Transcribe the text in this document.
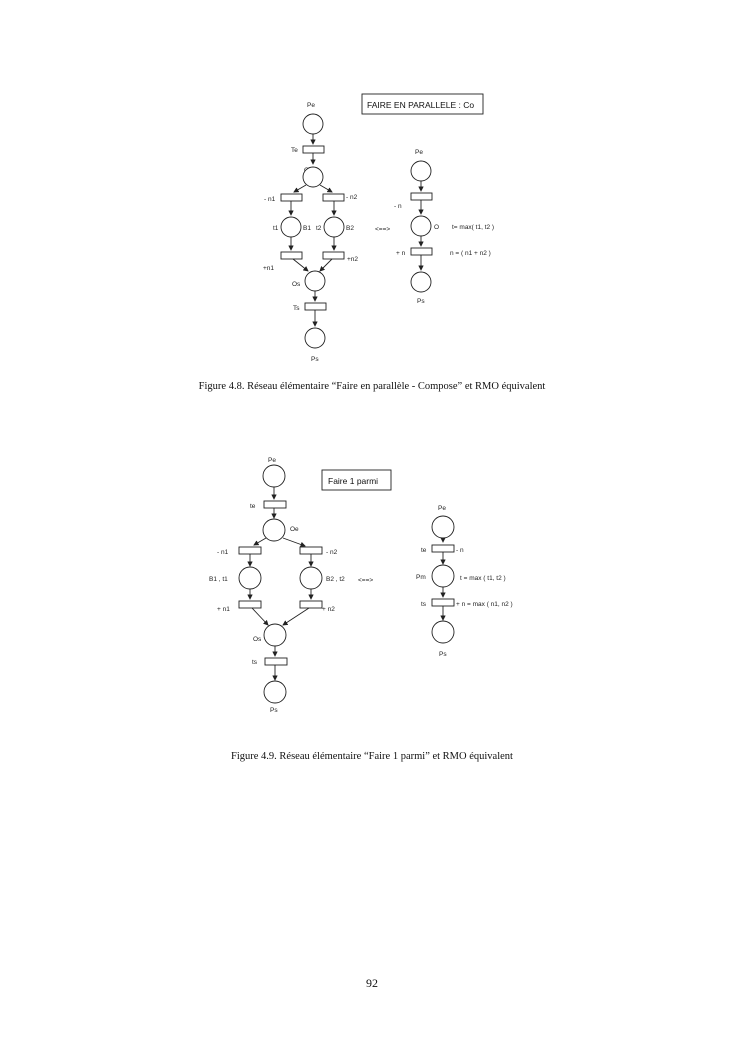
FAIRE EN PARALLELE : Co
Pe
Te
- n1	- n2
t1	B1 t2	B2
+n1
+n2
Os
Ts
Ps
<==>
Pe
- n
O t= max( t1, t2 )
+ n	n = ( n1 + n2 )
Ps
Figure 4.8. Réseau élémentaire “Faire en parallèle - Compose” et RMO équivalent
Faire 1 parmi
Pe
te
Oe
- n1	- n2
B1 , t1	B2 , t2
+ n1	+ n2
Os
ts
Ps
<==>
Pe
te	- n
Pm	t = max ( t1, t2 )
ts	+ n = max ( n1, n2 )
Ps
Figure 4.9. Réseau élémentaire “Faire 1 parmi” et RMO équivalent
92
